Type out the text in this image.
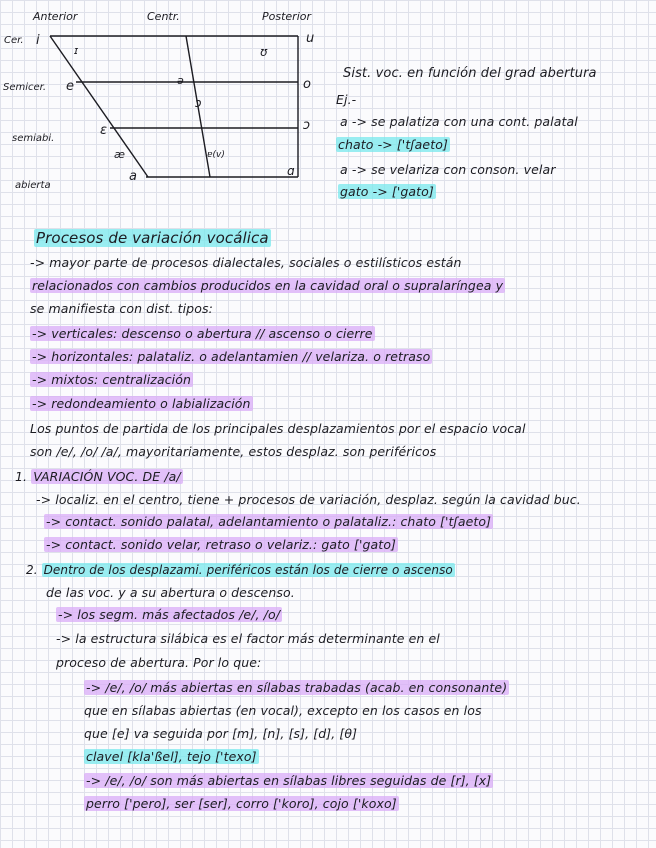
Anterior	Centr.	Posterior
Cer.
Semicer.
semiabi.
abierta
i
ɪ	ʊ
u
e	ə
ɔ
o
ɛ	ɔ
æ	ɐ(v)
a	ɑ
Sist. voc. en función del grad abertura
Ej.-
a -> se palatiza con una cont. palatal
chato -> ['tʃaeto]
a -> se velariza con conson. velar
gato -> ['gato]
Procesos de variación vocálica
-> mayor parte de procesos dialectales, sociales o estilísticos están
relacionados con cambios producidos en la cavidad oral o supralaríngea y
se manifiesta con dist. tipos:
-> verticales: descenso o abertura // ascenso o cierre
-> horizontales: palataliz. o adelantamien // velariza. o retraso
-> mixtos: centralización
-> redondeamiento o labialización
Los puntos de partida de los principales desplazamientos por el espacio vocal
son /e/, /o/ /a/, mayoritariamente, estos desplaz. son periféricos
1. VARIACIÓN VOC. DE /a/
-> localiz. en el centro, tiene + procesos de variación, desplaz. según la cavidad buc.
-> contact. sonido palatal, adelantamiento o palataliz.: chato ['tʃaeto]
-> contact. sonido velar, retraso o velariz.: gato ['gato]
2. Dentro de los desplazami. periféricos están los de cierre o ascenso
de las voc. y a su abertura o descenso.
-> los segm. más afectados /e/, /o/
-> la estructura silábica es el factor más determinante en el
proceso de abertura. Por lo que:
-> /e/, /o/ más abiertas en sílabas trabadas (acab. en consonante)
que en sílabas abiertas (en vocal), excepto en los casos en los
que [e] va seguida por [m], [n], [s], [d], [θ]
clavel [kla'ßel], tejo ['texo]
-> /e/, /o/ son más abiertas en sílabas libres seguidas de [r], [x]
perro ['pero], ser [ser], corro ['koro], cojo ['koxo]
